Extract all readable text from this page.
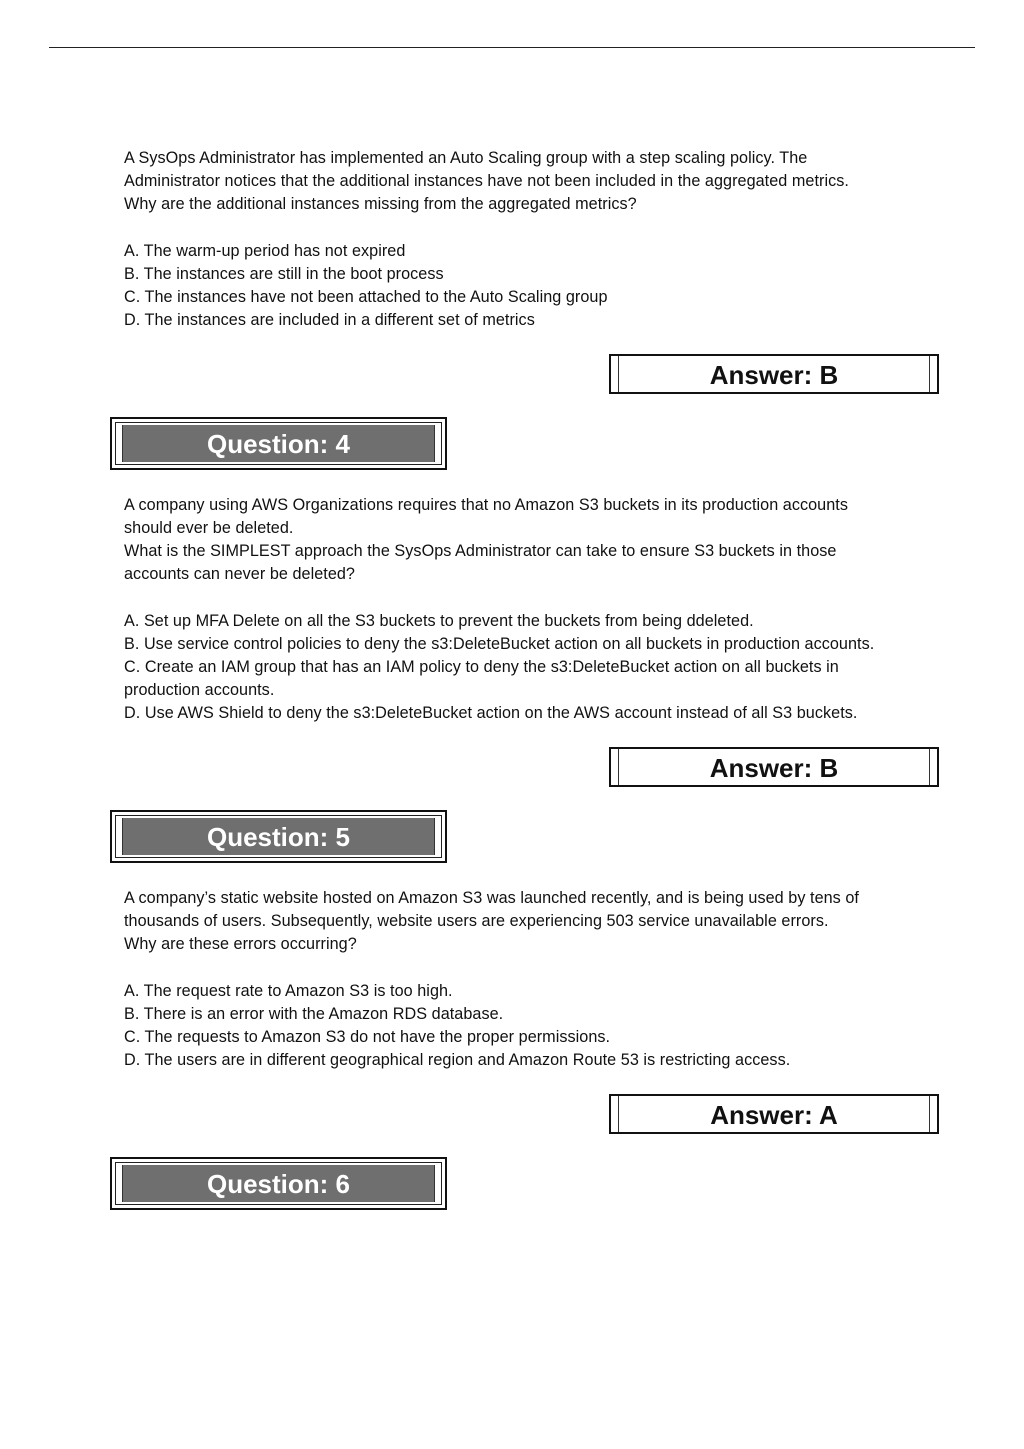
A SysOps Administrator has implemented an Auto Scaling group with a step scaling policy. The
Administrator notices that the additional instances have not been included in the aggregated metrics.
Why are the additional instances missing from the aggregated metrics?
A. The warm-up period has not expired
B. The instances are still in the boot process
C. The instances have not been attached to the Auto Scaling group
D. The instances are included in a different set of metrics
Answer: B
Question: 4
A company using AWS Organizations requires that no Amazon S3 buckets in its production accounts
should ever be deleted.
What is the SIMPLEST approach the SysOps Administrator can take to ensure S3 buckets in those
accounts can never be deleted?
A. Set up MFA Delete on all the S3 buckets to prevent the buckets from being ddeleted.
B. Use service control policies to deny the s3:DeleteBucket action on all buckets in production accounts.
C. Create an IAM group that has an IAM policy to deny the s3:DeleteBucket action on all buckets in
production accounts.
D. Use AWS Shield to deny the s3:DeleteBucket action on the AWS account instead of all S3 buckets.
Answer: B
Question: 5
A company’s static website hosted on Amazon S3 was launched recently, and is being used by tens of
thousands of users. Subsequently, website users are experiencing 503 service unavailable errors.
Why are these errors occurring?
A. The request rate to Amazon S3 is too high.
B. There is an error with the Amazon RDS database.
C. The requests to Amazon S3 do not have the proper permissions.
D. The users are in different geographical region and Amazon Route 53 is restricting access.
Answer: A
Question: 6
